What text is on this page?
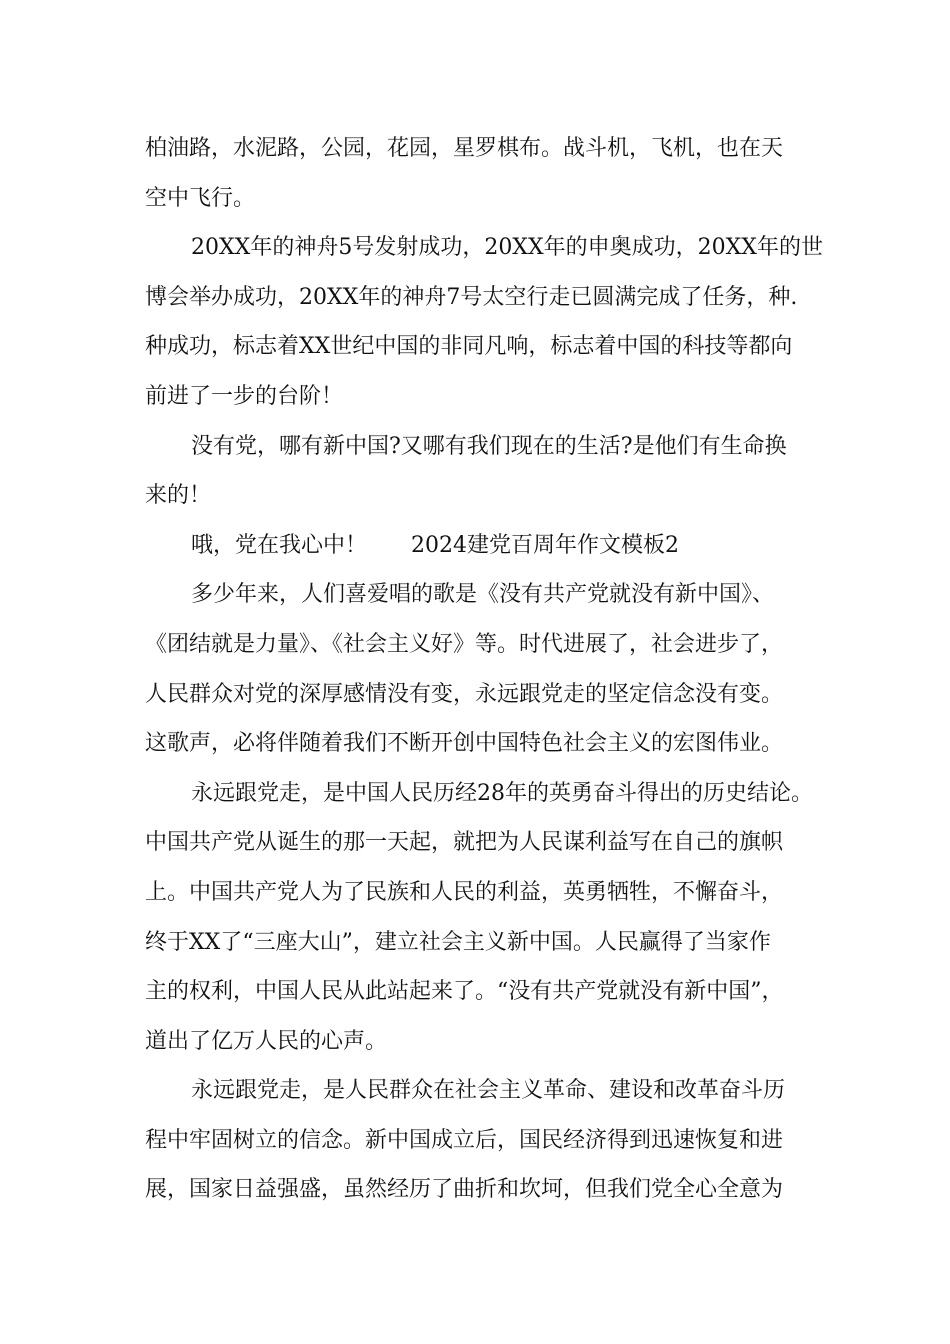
柏油路，水泥路，公园，花园，星罗棋布。战斗机，飞机，也在天
空中飞行。
20XX年的神舟5号发射成功，20XX年的申奥成功，20XX年的世
博会举办成功，20XX年的神舟7号太空行走已圆满完成了任务，种.
种成功，标志着XX世纪中国的非同凡响，标志着中国的科技等都向
前进了一步的台阶！
没有党，哪有新中国?又哪有我们现在的生活?是他们有生命换
来的！
哦，党在我心中！ 2024建党百周年作文模板2
多少年来，人们喜爱唱的歌是《没有共产党就没有新中国》、
《团结就是力量》、《社会主义好》等。时代进展了，社会进步了，
人民群众对党的深厚感情没有变，永远跟党走的坚定信念没有变。
这歌声，必将伴随着我们不断开创中国特色社会主义的宏图伟业。
永远跟党走，是中国人民历经28年的英勇奋斗得出的历史结论。
中国共产党从诞生的那一天起，就把为人民谋利益写在自己的旗帜
上。中国共产党人为了民族和人民的利益，英勇牺牲，不懈奋斗，
终于XX了“三座大山”，建立社会主义新中国。人民赢得了当家作
主的权利，中国人民从此站起来了。“没有共产党就没有新中国”，
道出了亿万人民的心声。
永远跟党走，是人民群众在社会主义革命、建设和改革奋斗历
程中牢固树立的信念。新中国成立后，国民经济得到迅速恢复和进
展，国家日益强盛，虽然经历了曲折和坎坷，但我们党全心全意为
